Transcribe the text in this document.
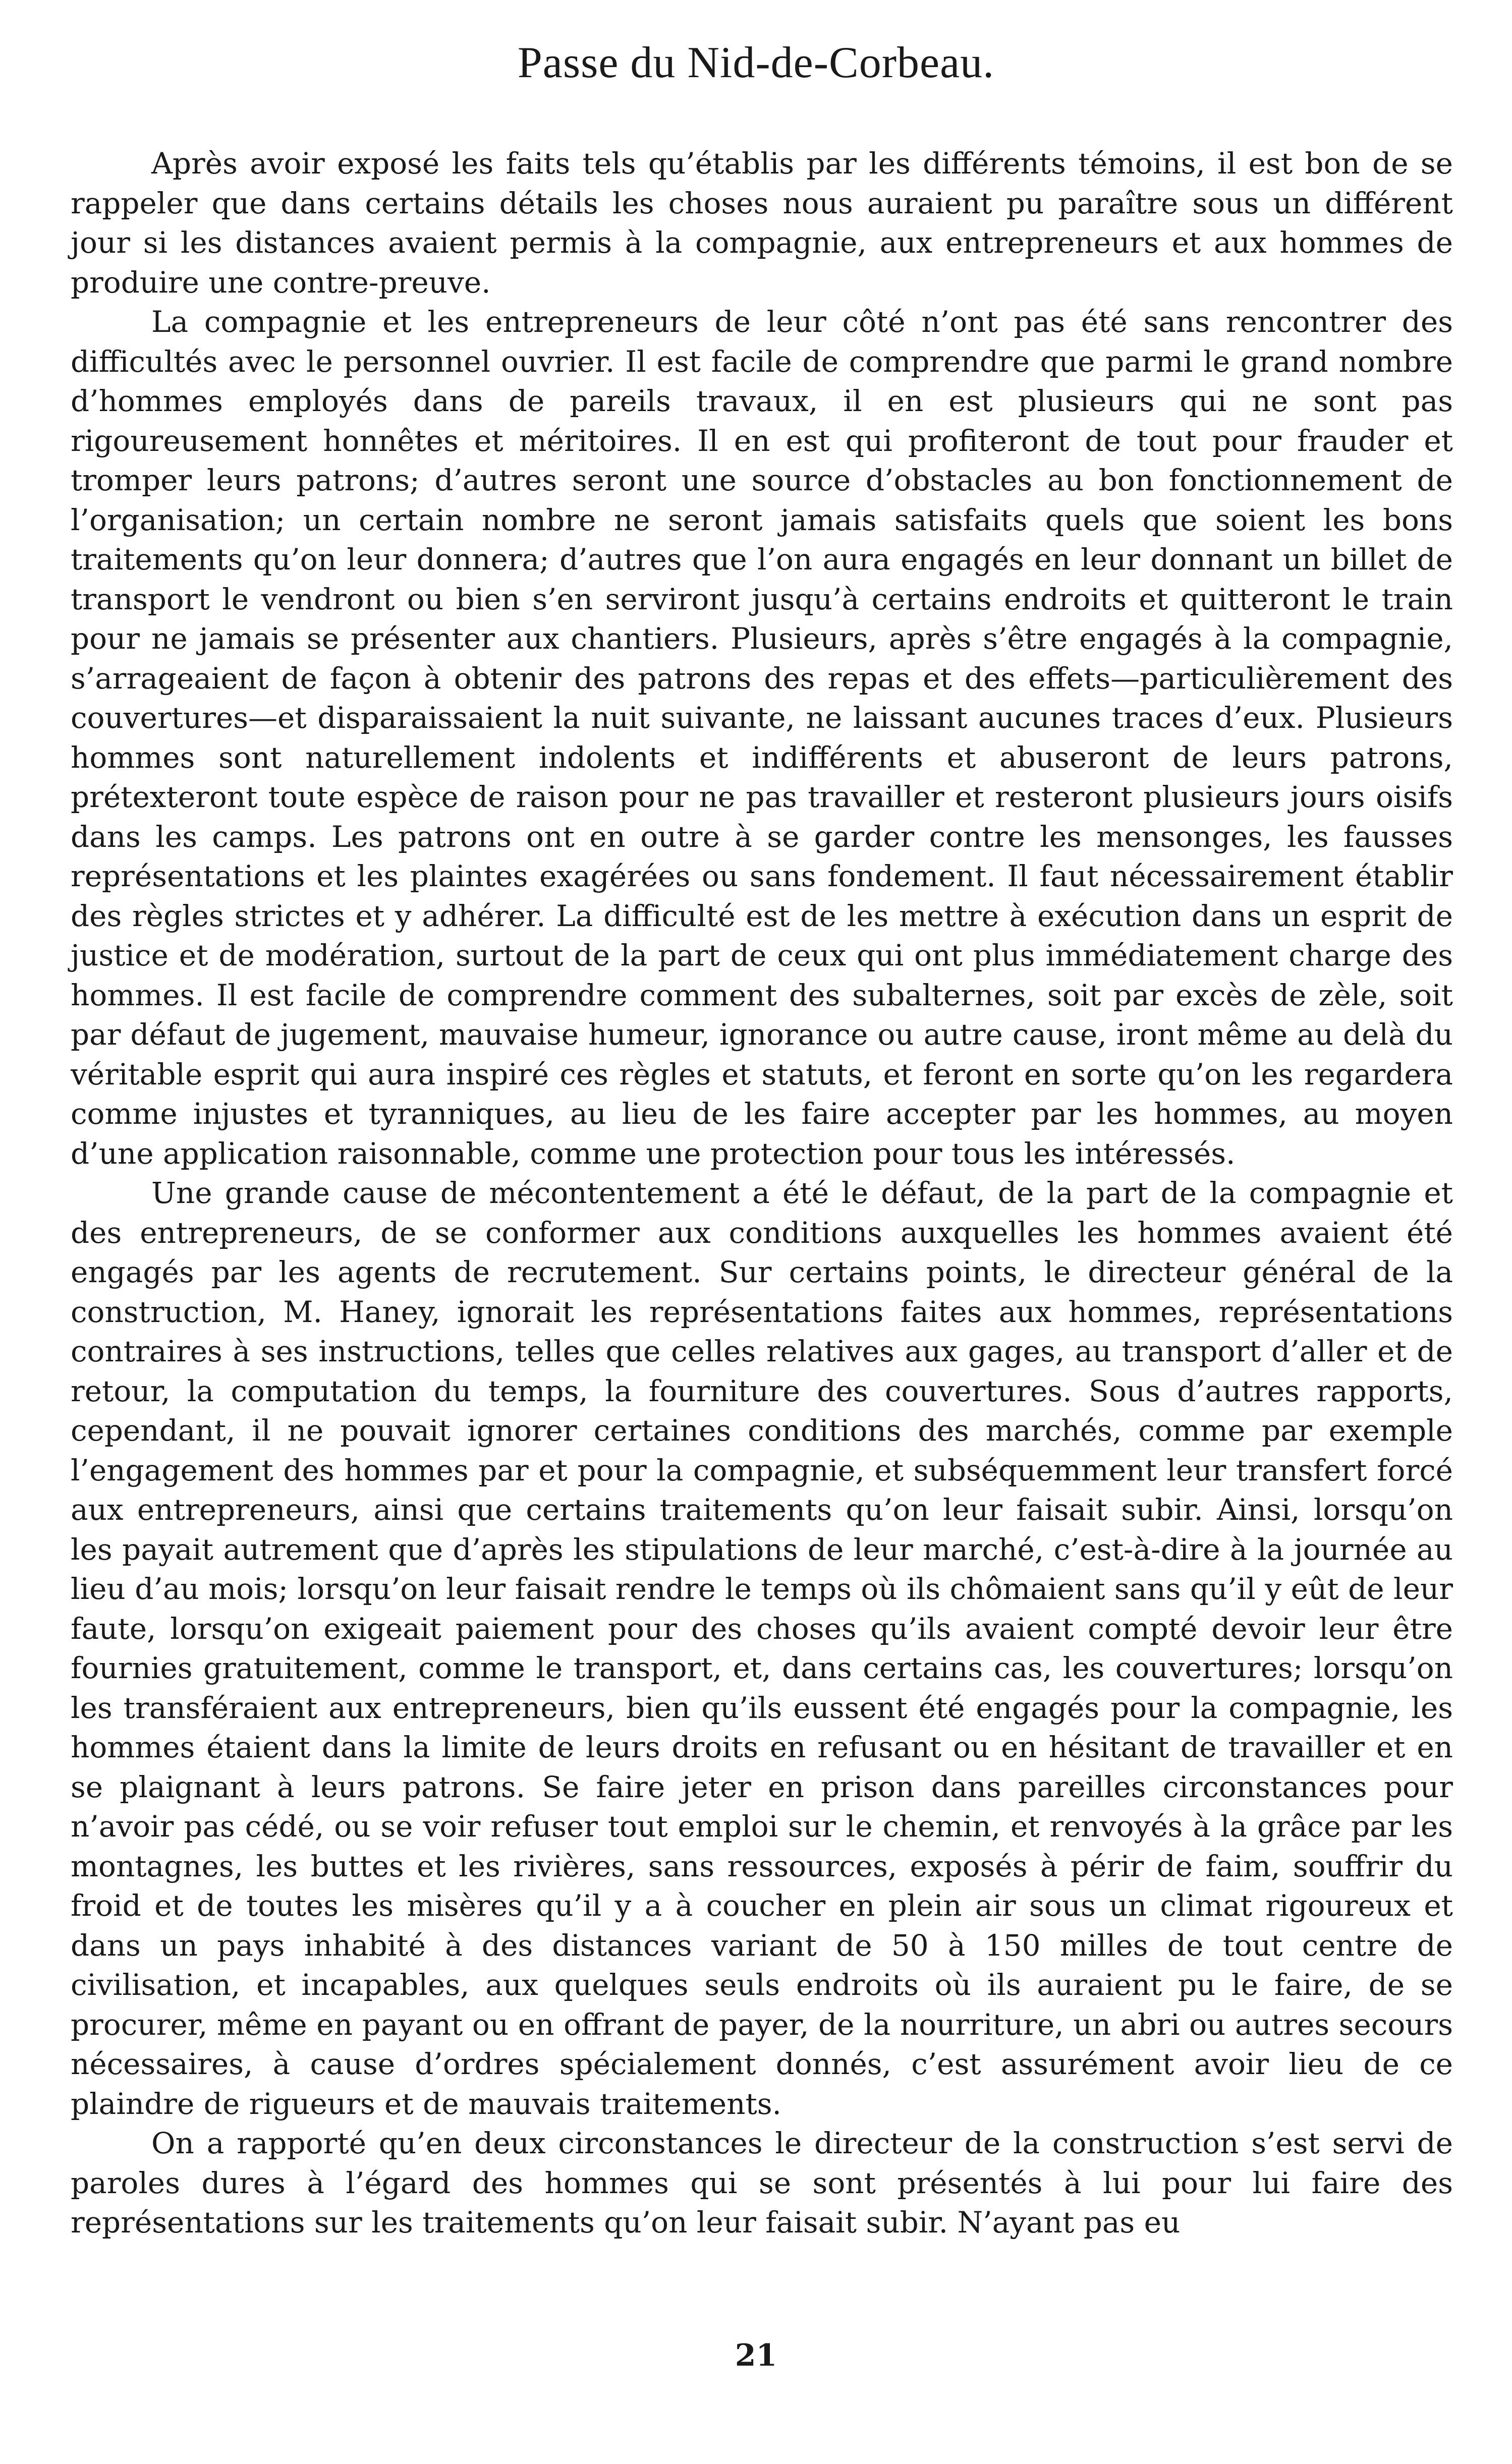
Passe du Nid-de-Corbeau.

Après avoir exposé les faits tels qu’établis par les différents témoins, il est bon de se rappeler que dans certains détails les choses nous auraient pu paraître sous un différent jour si les distances avaient permis à la compagnie, aux entrepreneurs et aux hommes de produire une contre-preuve.

La compagnie et les entrepreneurs de leur côté n’ont pas été sans rencontrer des difficultés avec le personnel ouvrier. Il est facile de comprendre que parmi le grand nombre d’hommes employés dans de pareils travaux, il en est plusieurs qui ne sont pas rigoureusement honnêtes et méritoires. Il en est qui profiteront de tout pour frauder et tromper leurs patrons; d’autres seront une source d’obstacles au bon fonctionnement de l’organisation; un certain nombre ne seront jamais satisfaits quels que soient les bons traitements qu’on leur donnera; d’autres que l’on aura engagés en leur donnant un billet de transport le vendront ou bien s’en serviront jusqu’à certains endroits et quitteront le train pour ne jamais se présenter aux chantiers. Plusieurs, après s’être engagés à la compagnie, s’arrageaient de façon à obtenir des patrons des repas et des effets—particulièrement des couvertures—et disparaissaient la nuit suivante, ne laissant aucunes traces d’eux. Plusieurs hommes sont naturellement indolents et indifférents et abuseront de leurs patrons, prétexteront toute espèce de raison pour ne pas travailler et resteront plusieurs jours oisifs dans les camps. Les patrons ont en outre à se garder contre les mensonges, les fausses représentations et les plaintes exagérées ou sans fondement. Il faut nécessairement établir des règles strictes et y adhérer. La difficulté est de les mettre à exécution dans un esprit de justice et de modération, surtout de la part de ceux qui ont plus immédiatement charge des hommes. Il est facile de comprendre comment des subalternes, soit par excès de zèle, soit par défaut de jugement, mauvaise humeur, ignorance ou autre cause, iront même au delà du véritable esprit qui aura inspiré ces règles et statuts, et feront en sorte qu’on les regardera comme injustes et tyranniques, au lieu de les faire accepter par les hommes, au moyen d’une application raisonnable, comme une protection pour tous les intéressés.

Une grande cause de mécontentement a été le défaut, de la part de la compagnie et des entrepreneurs, de se conformer aux conditions auxquelles les hommes avaient été engagés par les agents de recrutement. Sur certains points, le directeur général de la construction, M. Haney, ignorait les représentations faites aux hommes, représentations contraires à ses instructions, telles que celles relatives aux gages, au transport d’aller et de retour, la computation du temps, la fourniture des couvertures. Sous d’autres rapports, cependant, il ne pouvait ignorer certaines conditions des marchés, comme par exemple l’engagement des hommes par et pour la compagnie, et subséquemment leur transfert forcé aux entrepreneurs, ainsi que certains traitements qu’on leur faisait subir. Ainsi, lorsqu’on les payait autrement que d’après les stipulations de leur marché, c’est-à-dire à la journée au lieu d’au mois; lorsqu’on leur faisait rendre le temps où ils chômaient sans qu’il y eût de leur faute, lorsqu’on exigeait paiement pour des choses qu’ils avaient compté devoir leur être fournies gratuitement, comme le transport, et, dans certains cas, les couvertures; lorsqu’on les transféraient aux entrepreneurs, bien qu’ils eussent été engagés pour la compagnie, les hommes étaient dans la limite de leurs droits en refusant ou en hésitant de travailler et en se plaignant à leurs patrons. Se faire jeter en prison dans pareilles circonstances pour n’avoir pas cédé, ou se voir refuser tout emploi sur le chemin, et renvoyés à la grâce par les montagnes, les buttes et les rivières, sans ressources, exposés à périr de faim, souffrir du froid et de toutes les misères qu’il y a à coucher en plein air sous un climat rigoureux et dans un pays inhabité à des distances variant de 50 à 150 milles de tout centre de civilisation, et incapables, aux quelques seuls endroits où ils auraient pu le faire, de se procurer, même en payant ou en offrant de payer, de la nourriture, un abri ou autres secours nécessaires, à cause d’ordres spécialement donnés, c’est assurément avoir lieu de ce plaindre de rigueurs et de mauvais traitements.

On a rapporté qu’en deux circonstances le directeur de la construction s’est servi de paroles dures à l’égard des hommes qui se sont présentés à lui pour lui faire des représentations sur les traitements qu’on leur faisait subir. N’ayant pas eu

21
